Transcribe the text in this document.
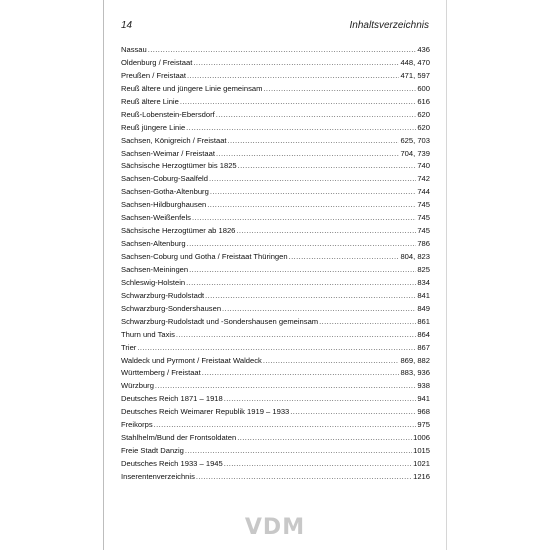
14	Inhaltsverzeichnis
Nassau .....	436
Oldenburg / Freistaat .....	448, 470
Preußen / Freistaat .....	471, 597
Reuß ältere und jüngere Linie gemeinsam .....	600
Reuß ältere Linie .....	616
Reuß-Lobenstein-Ebersdorf .....	620
Reuß jüngere Linie .....	620
Sachsen, Königreich / Freistaat .....	625, 703
Sachsen-Weimar / Freistaat .....	704, 739
Sächsische Herzogtümer bis 1825 .....	740
Sachsen-Coburg-Saalfeld .....	742
Sachsen-Gotha-Altenburg .....	744
Sachsen-Hildburghausen .....	745
Sachsen-Weißenfels .....	745
Sächsische Herzogtümer ab 1826 .....	745
Sachsen-Altenburg .....	786
Sachsen-Coburg und Gotha / Freistaat Thüringen .....	804, 823
Sachsen-Meiningen .....	825
Schleswig-Holstein .....	834
Schwarzburg-Rudolstadt .....	841
Schwarzburg-Sondershausen .....	849
Schwarzburg-Rudolstadt und -Sondershausen gemeinsam .....	861
Thurn und Taxis .....	864
Trier .....	867
Waldeck und Pyrmont / Freistaat Waldeck .....	869, 882
Württemberg / Freistaat .....	883, 936
Würzburg .....	938
Deutsches Reich 1871 – 1918 .....	941
Deutsches Reich Weimarer Republik 1919 – 1933 .....	968
Freikorps .....	975
Stahlhelm/Bund der Frontsoldaten .....	1006
Freie Stadt Danzig .....	1015
Deutsches Reich 1933 – 1945 .....	1021
Inserentenverzeichnis .....	1216
VDM
